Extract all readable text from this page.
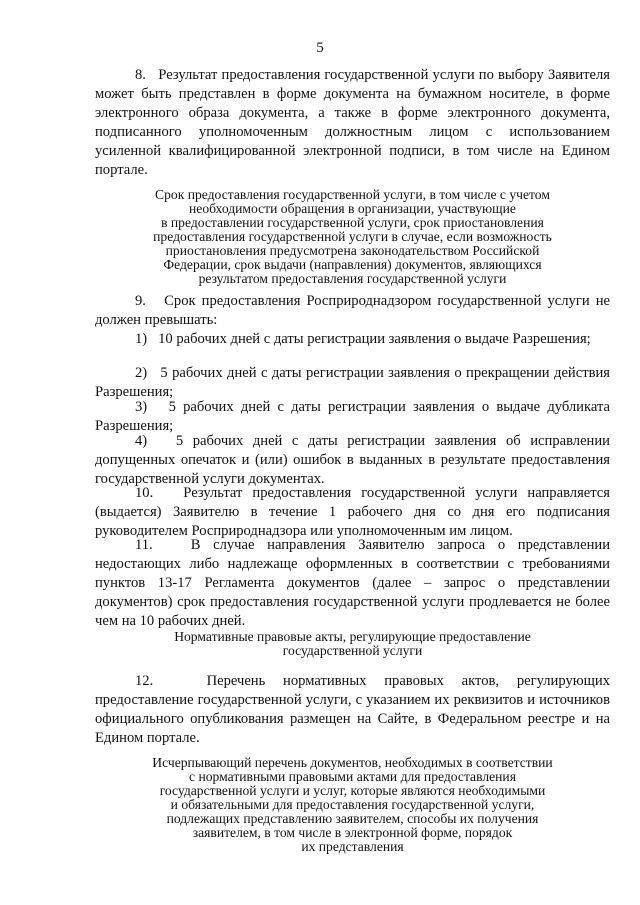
5

8.   Результат предоставления государственной услуги по выбору Заявителя может быть представлен в форме документа на бумажном носителе, в форме электронного образа документа, а также в форме электронного документа, подписанного уполномоченным должностным лицом с использованием усиленной квалифицированной электронной подписи, в том числе на Едином портале.

Срок предоставления государственной услуги, в том числе с учетом
необходимости обращения в организации, участвующие
в предоставлении государственной услуги, срок приостановления
предоставления государственной услуги в случае, если возможность
приостановления предусмотрена законодательством Российской
Федерации, срок выдачи (направления) документов, являющихся
результатом предоставления государственной услуги

9.   Срок предоставления Росприроднадзором государственной услуги не должен превышать:

1)   10 рабочих дней с даты регистрации заявления о выдаче Разрешения;

2)   5 рабочих дней с даты регистрации заявления о прекращении действия Разрешения;

3)   5 рабочих дней с даты регистрации заявления о выдаче дубликата Разрешения;

4)   5 рабочих дней с даты регистрации заявления об исправлении допущенных опечаток и (или) ошибок в выданных в результате предоставления государственной услуги документах.

10.   Результат предоставления государственной услуги направляется (выдается) Заявителю в течение 1 рабочего дня со дня его подписания руководителем Росприроднадзора или уполномоченным им лицом.

11.   В случае направления Заявителю запроса о представлении недостающих либо надлежаще оформленных в соответствии с требованиями пунктов 13-17 Регламента документов (далее – запрос о представлении документов) срок предоставления государственной услуги продлевается не более чем на 10 рабочих дней.

Нормативные правовые акты, регулирующие предоставление
государственной услуги

12.   Перечень нормативных правовых актов, регулирующих предоставление государственной услуги, с указанием их реквизитов и источников официального опубликования размещен на Сайте, в Федеральном реестре и на Едином портале.

Исчерпывающий перечень документов, необходимых в соответствии
с нормативными правовыми актами для предоставления
государственной услуги и услуг, которые являются необходимыми
и обязательными для предоставления государственной услуги,
подлежащих представлению заявителем, способы их получения
заявителем, в том числе в электронной форме, порядок
их представления
